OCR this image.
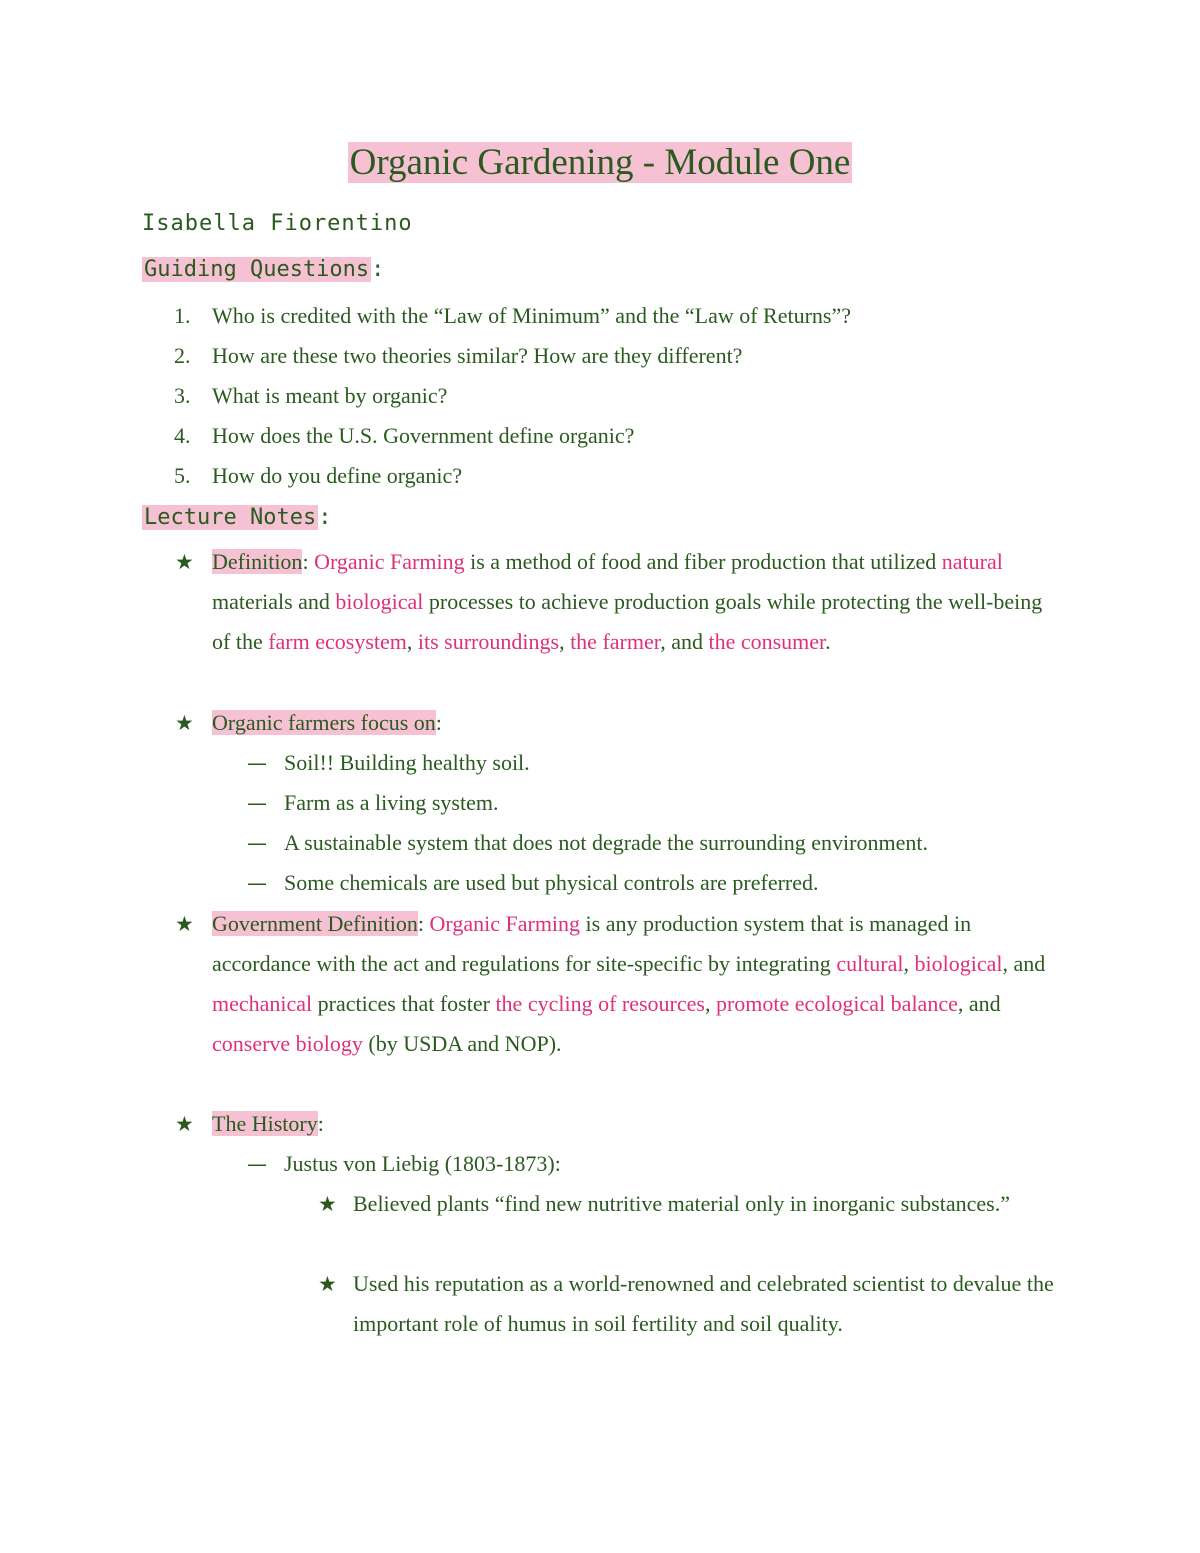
Organic Gardening - Module One
Isabella Fiorentino
Guiding Questions:
1. Who is credited with the “Law of Minimum” and the “Law of Returns”?
2. How are these two theories similar? How are they different?
3. What is meant by organic?
4. How does the U.S. Government define organic?
5. How do you define organic?
Lecture Notes:
★ Definition: Organic Farming is a method of food and fiber production that utilized natural materials and biological processes to achieve production goals while protecting the well-being of the farm ecosystem, its surroundings, the farmer, and the consumer.
★ Organic farmers focus on:
— Soil!! Building healthy soil.
— Farm as a living system.
— A sustainable system that does not degrade the surrounding environment.
— Some chemicals are used but physical controls are preferred.
★ Government Definition: Organic Farming is any production system that is managed in accordance with the act and regulations for site-specific by integrating cultural, biological, and mechanical practices that foster the cycling of resources, promote ecological balance, and conserve biology (by USDA and NOP).
★ The History:
— Justus von Liebig (1803-1873):
★ Believed plants “find new nutritive material only in inorganic substances.”
★ Used his reputation as a world-renowned and celebrated scientist to devalue the important role of humus in soil fertility and soil quality.
